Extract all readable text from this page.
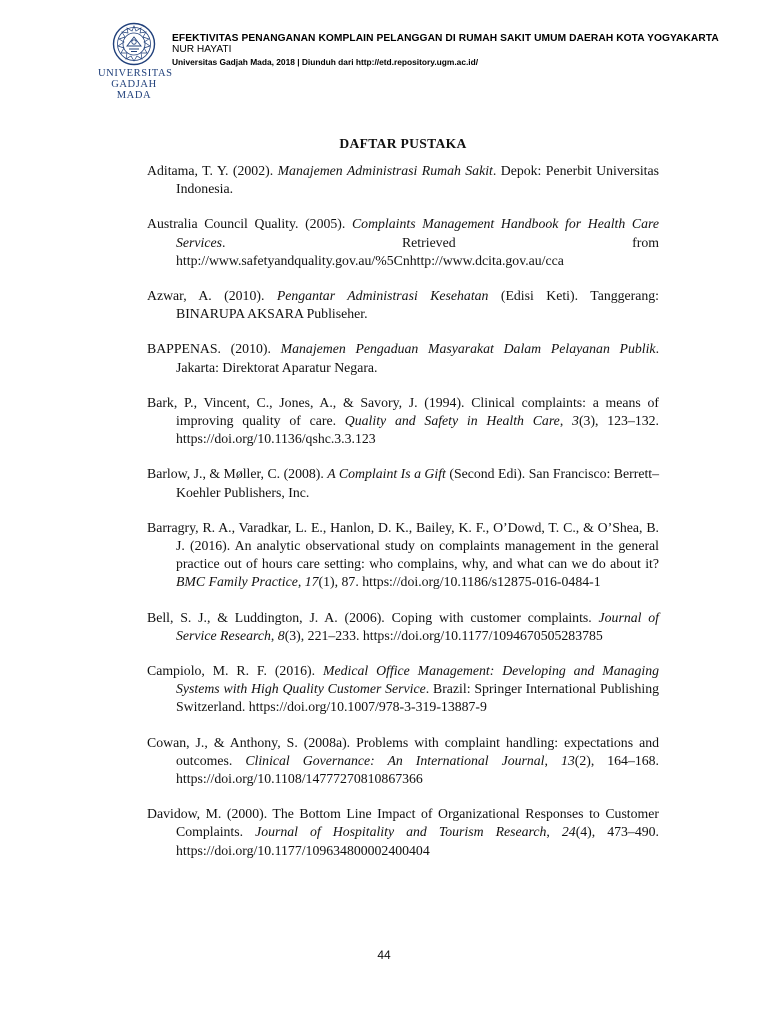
UNIVERSITAS
GADJAH MADA
EFEKTIVITAS PENANGANAN KOMPLAIN PELANGGAN DI RUMAH SAKIT UMUM DAERAH KOTA YOGYAKARTA
NUR HAYATI
Universitas Gadjah Mada, 2018 | Diunduh dari http://etd.repository.ugm.ac.id/
DAFTAR PUSTAKA
Aditama, T. Y. (2002). Manajemen Administrasi Rumah Sakit. Depok: Penerbit Universitas Indonesia.
Australia Council Quality. (2005). Complaints Management Handbook for Health Care Services. Retrieved from http://www.safetyandquality.gov.au/%5Cnhttp://www.dcita.gov.au/cca
Azwar, A. (2010). Pengantar Administrasi Kesehatan (Edisi Keti). Tanggerang: BINARUPA AKSARA Publiseher.
BAPPENAS. (2010). Manajemen Pengaduan Masyarakat Dalam Pelayanan Publik. Jakarta: Direktorat Aparatur Negara.
Bark, P., Vincent, C., Jones, A., & Savory, J. (1994). Clinical complaints: a means of improving quality of care. Quality and Safety in Health Care, 3(3), 123–132. https://doi.org/10.1136/qshc.3.3.123
Barlow, J., & Møller, C. (2008). A Complaint Is a Gift (Second Edi). San Francisco: Berrett–Koehler Publishers, Inc.
Barragry, R. A., Varadkar, L. E., Hanlon, D. K., Bailey, K. F., O’Dowd, T. C., & O’Shea, B. J. (2016). An analytic observational study on complaints management in the general practice out of hours care setting: who complains, why, and what can we do about it? BMC Family Practice, 17(1), 87. https://doi.org/10.1186/s12875-016-0484-1
Bell, S. J., & Luddington, J. A. (2006). Coping with customer complaints. Journal of Service Research, 8(3), 221–233. https://doi.org/10.1177/1094670505283785
Campiolo, M. R. F. (2016). Medical Office Management: Developing and Managing Systems with High Quality Customer Service. Brazil: Springer International Publishing Switzerland. https://doi.org/10.1007/978-3-319-13887-9
Cowan, J., & Anthony, S. (2008a). Problems with complaint handling: expectations and outcomes. Clinical Governance: An International Journal, 13(2), 164–168. https://doi.org/10.1108/14777270810867366
Davidow, M. (2000). The Bottom Line Impact of Organizational Responses to Customer Complaints. Journal of Hospitality and Tourism Research, 24(4), 473–490. https://doi.org/10.1177/109634800002400404
44
